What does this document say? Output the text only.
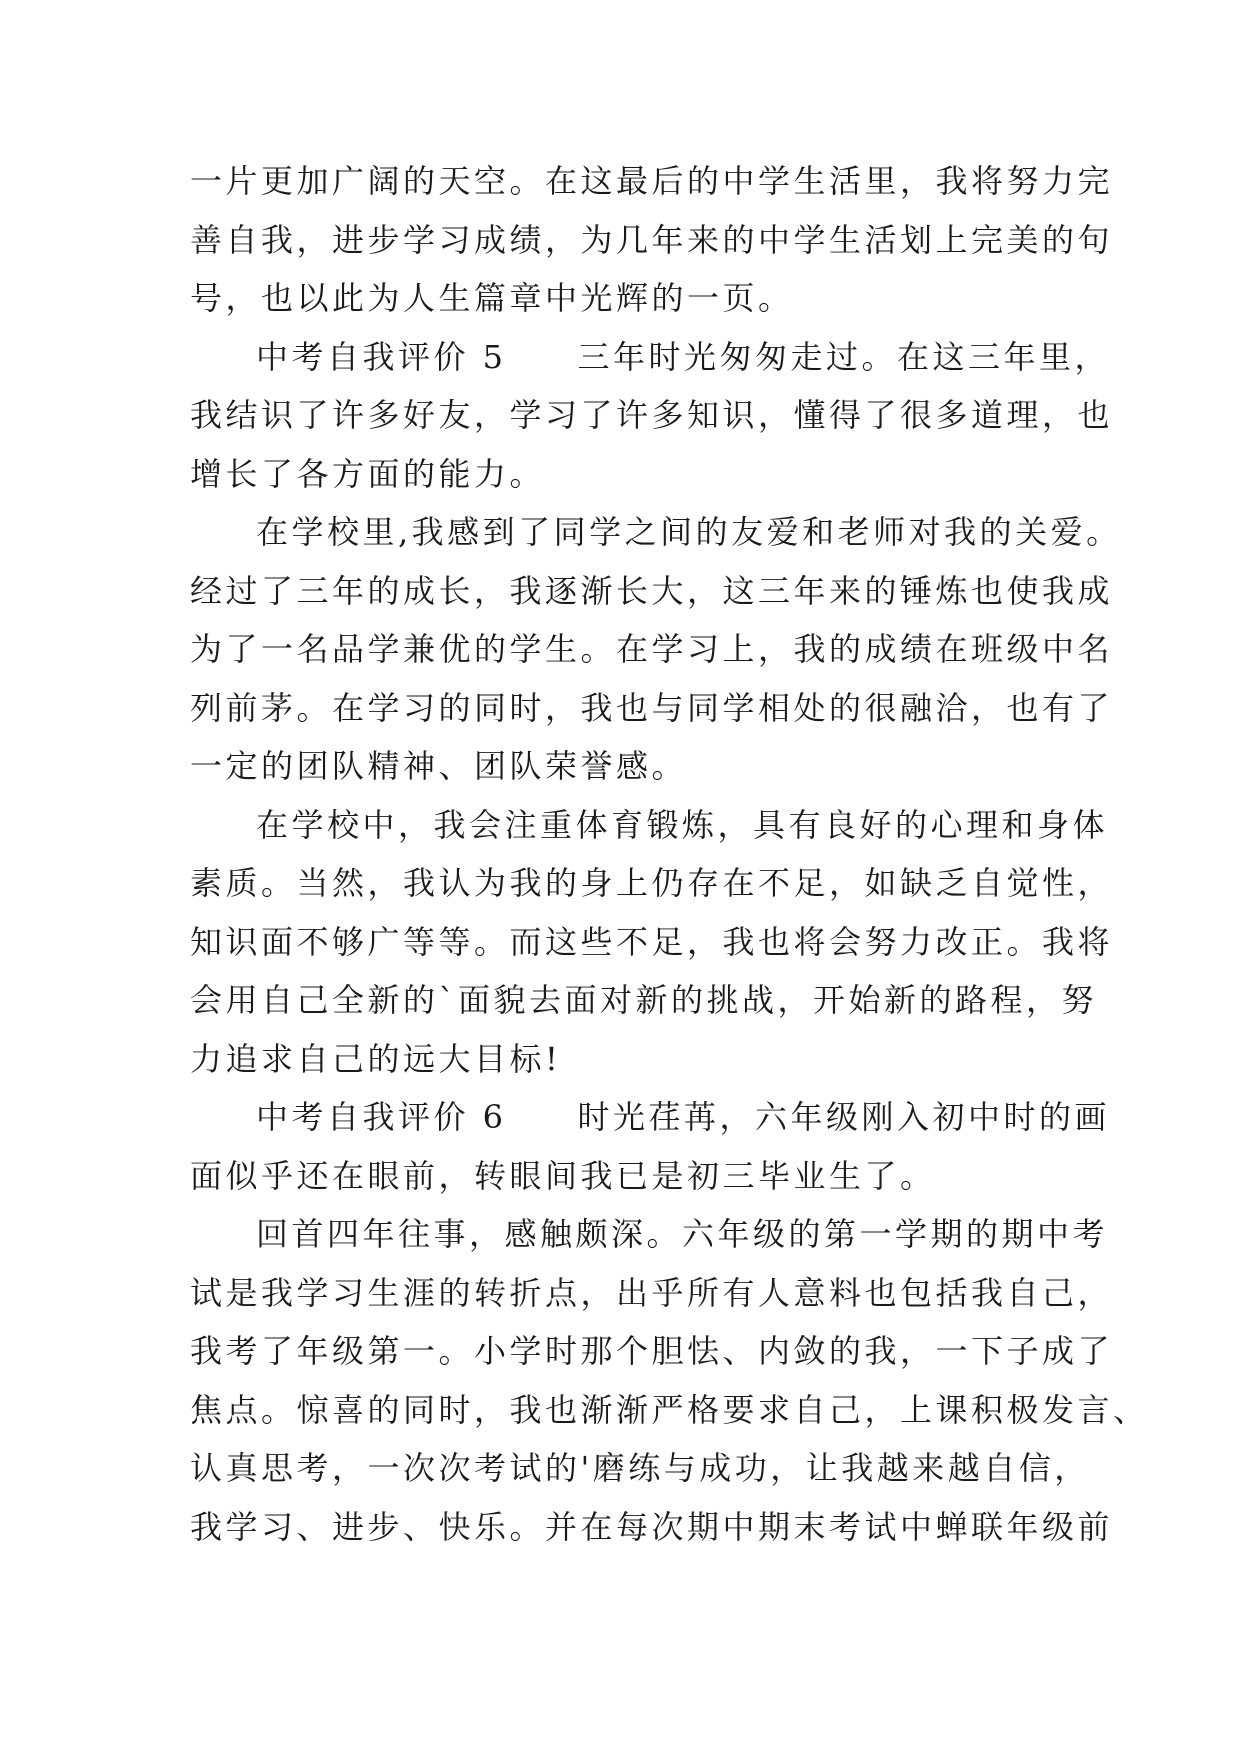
一片更加广阔的天空。在这最后的中学生活里，我将努力完
善自我，进步学习成绩，为几年来的中学生活划上完美的句
号，也以此为人生篇章中光辉的一页。
中考自我评价 5　　三年时光匆匆走过。在这三年里，
我结识了许多好友，学习了许多知识，懂得了很多道理，也
增长了各方面的能力。
在学校里,我感到了同学之间的友爱和老师对我的关爱。
经过了三年的成长，我逐渐长大，这三年来的锤炼也使我成
为了一名品学兼优的学生。在学习上，我的成绩在班级中名
列前茅。在学习的同时，我也与同学相处的很融洽，也有了
一定的团队精神、团队荣誉感。
在学校中，我会注重体育锻炼，具有良好的心理和身体
素质。当然，我认为我的身上仍存在不足，如缺乏自觉性，
知识面不够广等等。而这些不足，我也将会努力改正。我将
会用自己全新的`面貌去面对新的挑战，开始新的路程，努
力追求自己的远大目标!
中考自我评价 6　　时光荏苒，六年级刚入初中时的画
面似乎还在眼前，转眼间我已是初三毕业生了。
回首四年往事，感触颇深。六年级的第一学期的期中考
试是我学习生涯的转折点，出乎所有人意料也包括我自己，
我考了年级第一。小学时那个胆怯、内敛的我，一下子成了
焦点。惊喜的同时，我也渐渐严格要求自己，上课积极发言、
认真思考，一次次考试的'磨练与成功，让我越来越自信，
我学习、进步、快乐。并在每次期中期末考试中蝉联年级前
